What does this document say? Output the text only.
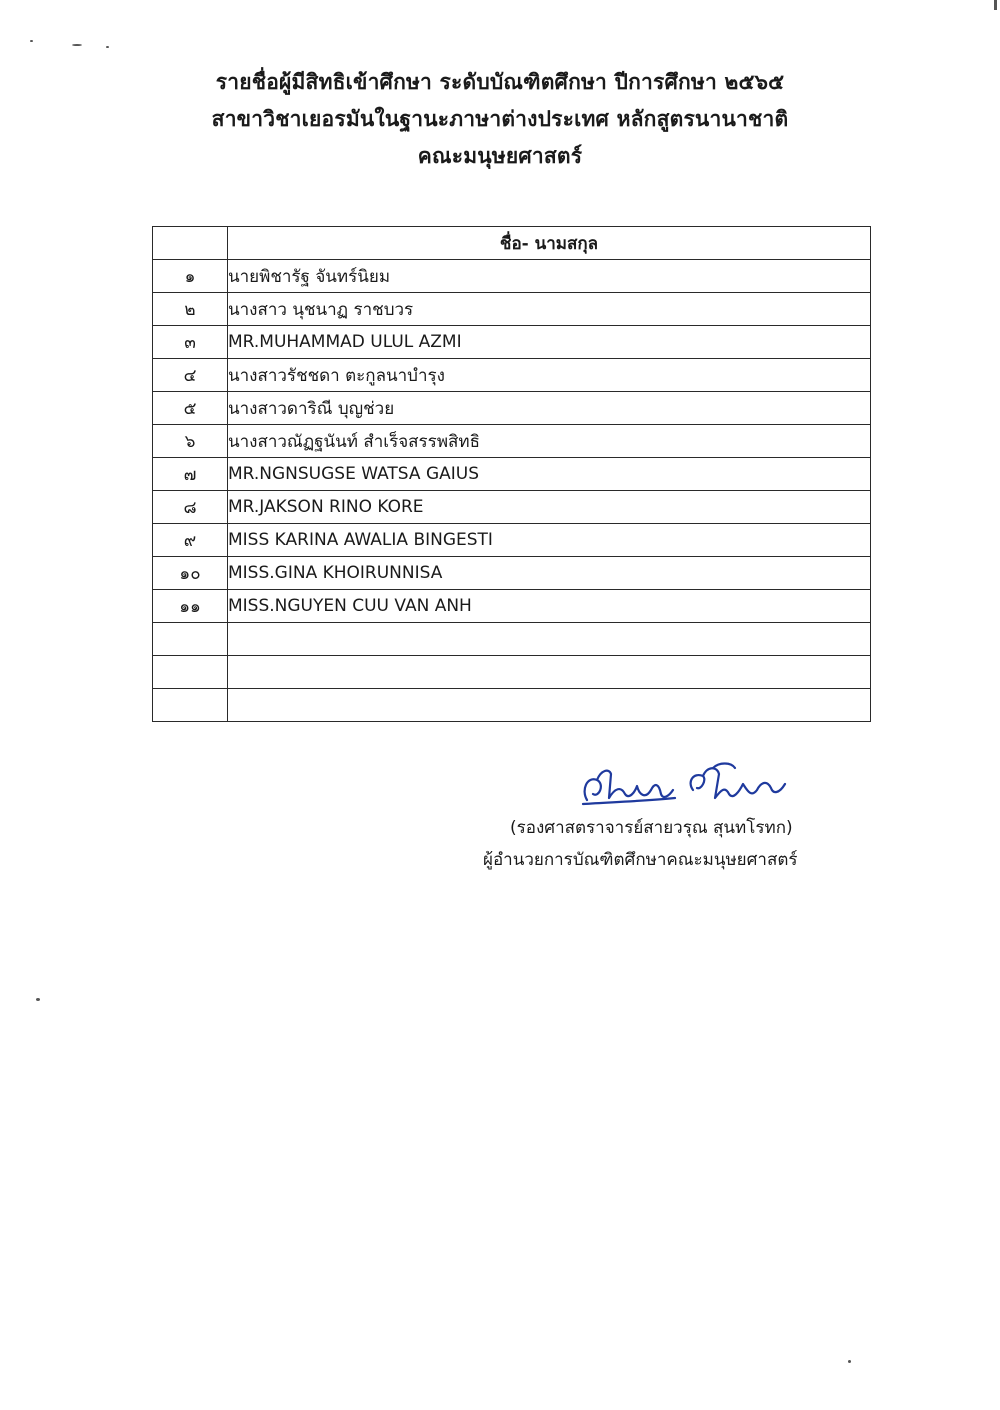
รายชื่อผู้มีสิทธิเข้าศึกษา ระดับบัณฑิตศึกษา ปีการศึกษา ๒๕๖๕
สาขาวิชาเยอรมันในฐานะภาษาต่างประเทศ หลักสูตรนานาชาติ
คณะมนุษยศาสตร์
	ชื่อ- นามสกุล
๑	นายพิชารัฐ จันทร์นิยม
๒	นางสาว นุชนาฏ ราชบวร
๓	MR.MUHAMMAD ULUL AZMI
๔	นางสาวรัชชดา ตะกูลนาบำรุง
๕	นางสาวดาริณี บุญช่วย
๖	นางสาวณัฏฐนันท์ สำเร็จสรรพสิทธิ
๗	MR.NGNSUGSE WATSA GAIUS
๘	MR.JAKSON RINO KORE
๙	MISS KARINA AWALIA BINGESTI
๑๐	MISS.GINA KHOIRUNNISA
๑๑	MISS.NGUYEN CUU VAN ANH

(รองศาสตราจารย์สายวรุณ สุนทโรทก)
ผู้อำนวยการบัณฑิตศึกษาคณะมนุษยศาสตร์
